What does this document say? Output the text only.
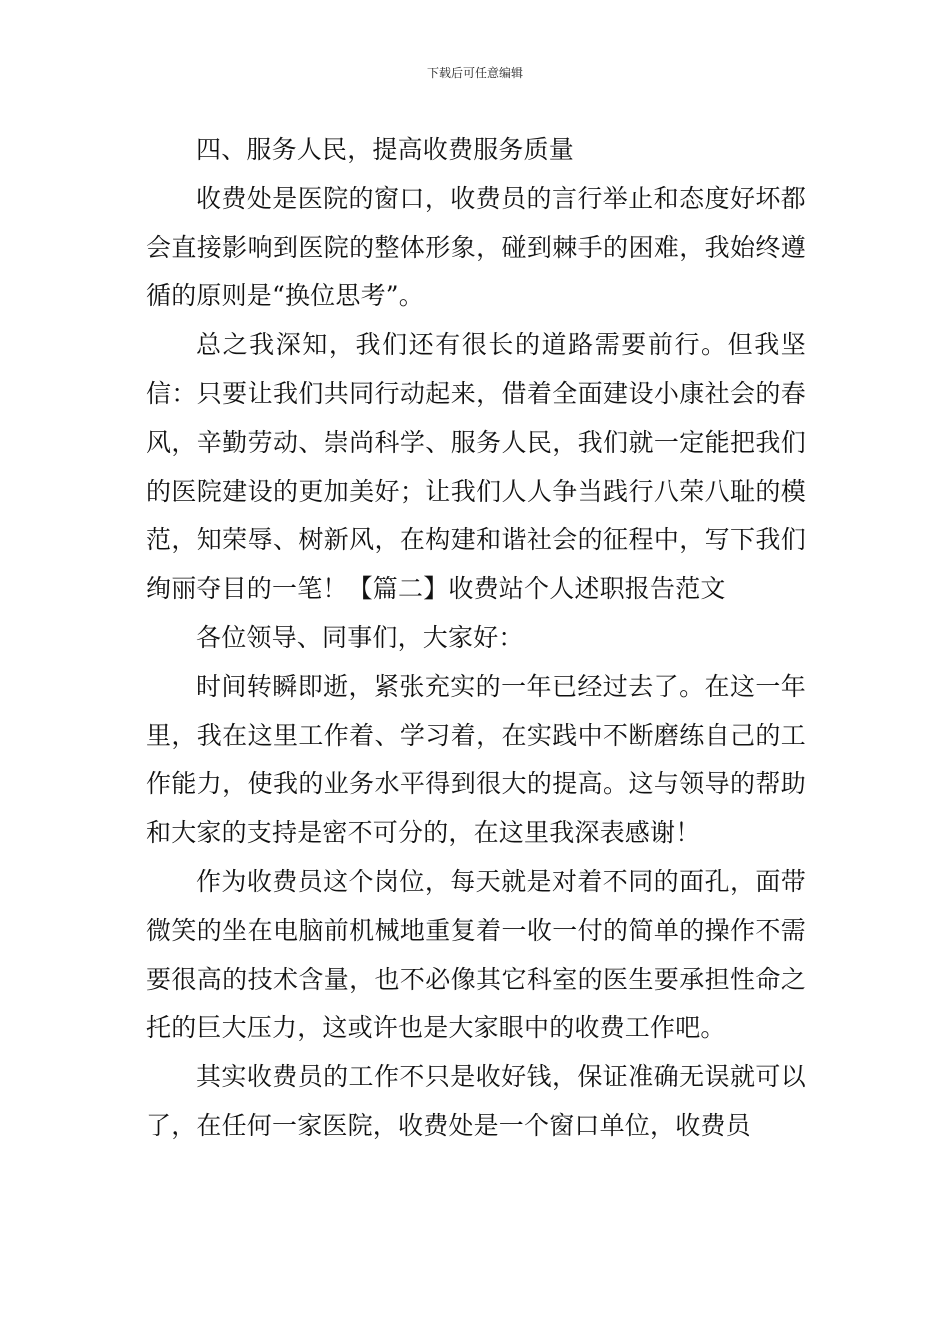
下载后可任意编辑

四、服务人民，提高收费服务质量

收费处是医院的窗口，收费员的言行举止和态度好坏都会直接影响到医院的整体形象，碰到棘手的困难，我始终遵循的原则是“换位思考”。

总之我深知，我们还有很长的道路需要前行。但我坚信：只要让我们共同行动起来，借着全面建设小康社会的春风，辛勤劳动、崇尚科学、服务人民，我们就一定能把我们的医院建设的更加美好；让我们人人争当践行八荣八耻的模范，知荣辱、树新风，在构建和谐社会的征程中，写下我们绚丽夺目的一笔！【篇二】收费站个人述职报告范文

各位领导、同事们，大家好：

时间转瞬即逝，紧张充实的一年已经过去了。在这一年里，我在这里工作着、学习着，在实践中不断磨练自己的工作能力，使我的业务水平得到很大的提高。这与领导的帮助和大家的支持是密不可分的，在这里我深表感谢！

作为收费员这个岗位，每天就是对着不同的面孔，面带微笑的坐在电脑前机械地重复着一收一付的简单的操作不需要很高的技术含量，也不必像其它科室的医生要承担性命之托的巨大压力，这或许也是大家眼中的收费工作吧。

其实收费员的工作不只是收好钱，保证准确无误就可以了，在任何一家医院，收费处是一个窗口单位，收费员
